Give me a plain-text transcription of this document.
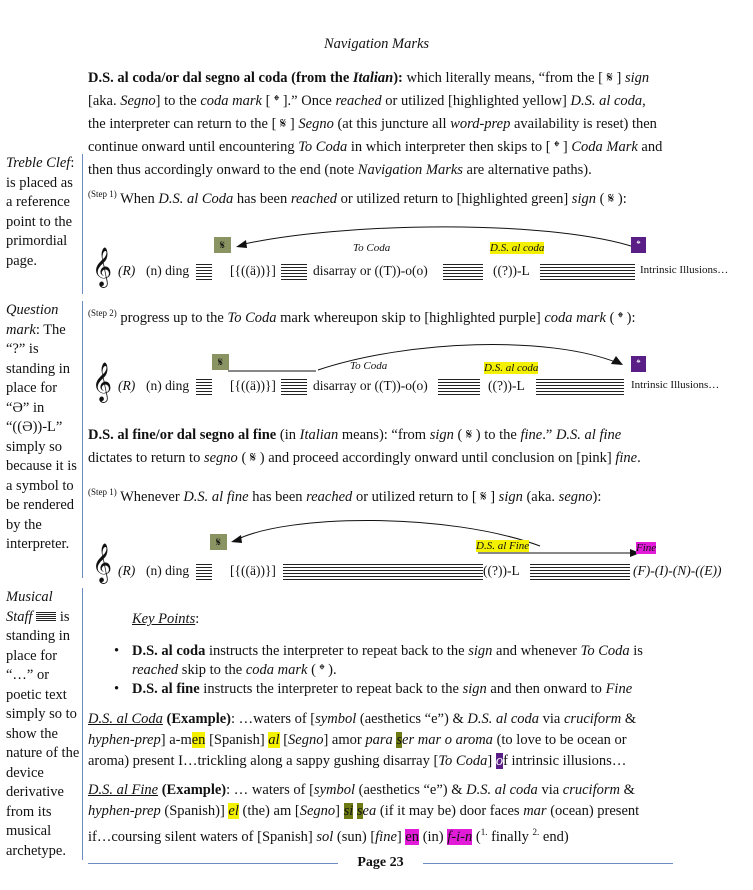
Navigation Marks

D.S. al coda/or dal segno al coda (from the Italian): which literally means, “from the [ 𝄋 ] sign [aka. Segno] to the coda mark [ 𝄌 ].” Once reached or utilized [highlighted yellow] D.S. al coda, the interpreter can return to the [ 𝄋 ] Segno (at this juncture all word-prep availability is reset) then continue onward until encountering To Coda in which interpreter then skips to [ 𝄌 ] Coda Mark and then thus accordingly onward to the end (note Navigation Marks are alternative paths).

Treble Clef: is placed as a reference point to the primordial page.
Question mark: The “?” is standing in place for “Ə” in “((Ə))-L” simply so because it is a symbol to be rendered by the interpreter.
Musical Staff is standing in place for “…” or poetic text simply so to show the nature of the device derivative from its musical archetype.
$^{(Step 1)}$ When D.S. al Coda has been reached or utilized return to [highlighted green] sign ( 𝄋 ):
𝄞 (R) (n) ding	[{((ä))}]
𝄋
disarray or ((T))-o(o)
To Coda
((?))-L
D.S. al coda	𝄌
Intrinsic Illusions…
$^{(Step 2)}$ progress up to the To Coda mark whereupon skip to [highlighted purple] coda mark ( 𝄌 ):
𝄞 (R) (n) ding	[{((ä))}]
𝄋
disarray or ((T))-o(o)
To Coda
((?))-L
D.S. al coda	𝄌
Intrinsic Illusions…
D.S. al fine/or dal segno al fine (in Italian means): “from sign ( 𝄋 ) to the fine.” D.S. al fine dictates to return to segno ( 𝄋 ) and proceed accordingly onward until conclusion on [pink] fine.
$^{(Step 1)}$ Whenever D.S. al fine has been reached or utilized return to [ 𝄋 ] sign (aka. segno):
𝄞 (R) (n) ding	[{((ä))}]
𝄋	D.S. al Fine
((?))-L
Fine
(F)-(I)-(N)-((E))
Key Points:
• D.S. al coda instructs the interpreter to repeat back to the sign and whenever To Coda is reached skip to the coda mark ( 𝄌 ).
• D.S. al fine instructs the interpreter to repeat back to the sign and then onward to Fine
D.S. al Coda (Example): …waters of [symbol (aesthetics “e”) & D.S. al coda via cruciform & hyphen-prep] a-men [Spanish] al [Segno] amor para ser mar o aroma (to love to be ocean or aroma) present I…trickling along a sappy gushing disarray [To Coda] of intrinsic illusions…
D.S. al Fine (Example): … waters of [symbol (aesthetics “e”) & D.S. al coda via cruciform & hyphen-prep (Spanish)] el (the) am [Segno] si sea (if it may be) door faces mar (ocean) present if…coursing silent waters of [Spanish] sol (sun) [fine] en (in) f-i-n ($^{1.}$ finally $^{2.}$ end)
Page 23
